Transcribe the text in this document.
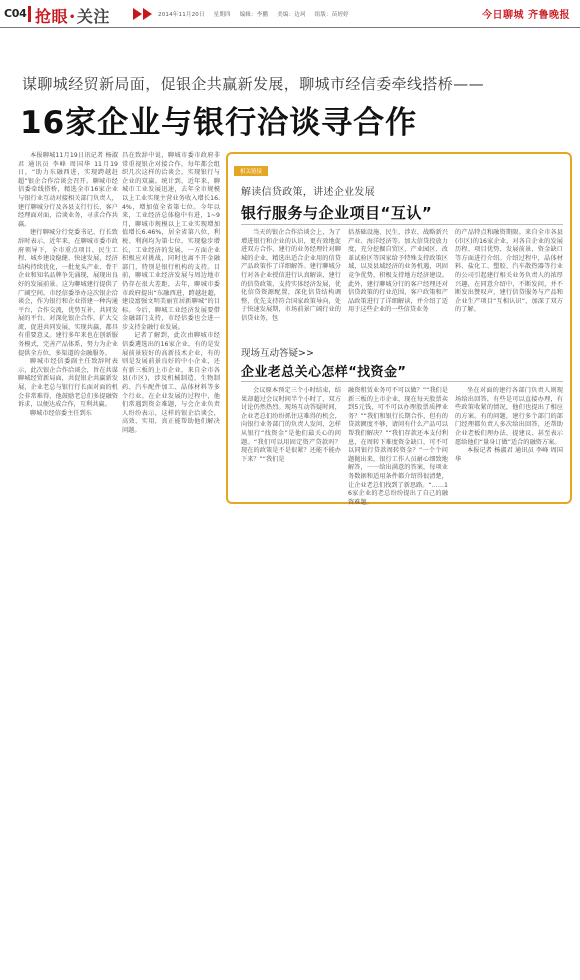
C04 抢眼•关注	2014年11月20日 星期四 编辑：李鹏 美编：边珂 组版：苗婷婷	今日聊城 齐鲁晚报
谋聊城经贸新局面，促银企共赢新发展，聊城市经信委牵线搭桥——
16家企业与银行洽谈寻合作

本报聊城11月19日讯记者 杨淑君 通讯员 李峰 周国华 11月19日，“助力东融西进，实现跨越赶超”银企合作洽谈会召开。聊城市经信委牵线搭桥，精选全市16家企业与银行业互动对接相关部门负责人，建行聊城分行及各县支行行长、客户经理面对面，洽谈业务，寻求合作共赢。

建行聊城分行党委书记、行长致辞时表示，近年来，在聊城市委市政府领导下，全市重点项目、民生工程、城乡建设稳健、快速发展，经济结构持续优化，一批龙头产业、骨干企业和知名品牌争先涌现，展现出良好的发展前景。这为聊城建行提供了广阔空间。市经信委举办这次银企洽谈会，作为银行和企业搭建一种沟通平台，合作交流，优势互补，共同发展的平台，对深化银企合作，扩大交流，促进共同发展，实现共赢，都具有重要意义。建行多年来也在创新服务模式，完善产品体系，努力为企业提供全方位，多渠道的金融服务。

聊城市经信委副主任致辞时表示，此次银企合作洽谈会，旨在共谋聊城经贸新局面，共促银企共赢新发展，企业老总与银行行长面对面的机会非常难得，他鼓励老总们多提融资诉求，以便达成合作，互利共赢。

聊城市经信委主任到东

昌在致辞中说，聊城市委市政府非常重视银企对接合作，每年都会组织几次这样的洽谈会，实现银行与企业的双赢。统计到，近年来，聊城市工业发展迅速，去年全市规模以上工业实现主营业务收入增长16.4%，增加值全省第七位。今年以来，工业经济总体稳中有进，1~9月，聊城市规模以上工业实现增加值增长6.46%，居全省第八位，利税、利润均为第七位，实现稳步增长，工业经济的发展，一方面企业积极应对挑战，同时也离不开金融部门，特别是银行机构的支持。目前，聊城工业经济发展与周边地市仍存在很大差距，去年，聊城市委市政府提出“东融西进，跨越赶超，建设富强文明美丽宜居新聊城”的目标。今后，聊城工业经济发展要借金融部门支持，市经信委也会进一步支持金融行业发展。

记者了解到，此次由聊城市经信委遴选出的16家企业，有的是发展前景较好的高新技术企业，有的则是发展前景良好的中小企业，还有新三板的上市企业，来自全市各县(市区)，涉及机械制造、生物制药、汽车配件加工、晶体材料等多个行业。在企业发展的过程中，他们常遇到资金难题，与会企业负责人纷纷表示，这样的银企洽谈会，高效、实用，真正能帮助他们解决问题。

相关链接
解读信贷政策，讲述企业发展
银行服务与企业项目“互认”

当天的银企合作洽谈会上，为了增进银行和企业的认识，更有效地促进双方合作，建行的业务经理针对聊城的企业，精选出适合企业用的信贷产品政策作了详细解答。建行聊城分行对各企业授信进行认真解读，建行的信贷政策，支持实体经济发展，优化信贷资源配置，深化信贷结构调整，优先支持符合国家政策导向，处于快速发展期，市场前景广阔行业的信贷业务，包

括基础设施、民生、涉农、战略新兴产业、海洋经济等。加大信贷投放力度，充分挖掘自贸区、产业园区、改革试验区等国家给予特殊支持政策区域，以及县域经济的业务机遇，巩固竞争优势，积极支持地方经济建设。此外，建行聊城分行的客户经理还对信贷政策的行业范围、客户政策和产品政策进行了详细解读，并介绍了适用于这些企业的一些信贷业务

的产品特点和融资期限。来自全市各县(市区)的16家企业，对各自企业的发展历程、项目优势、发展前景、资金缺口等方面进行介绍。介绍过程中，晶体材料、盐化工、塑胶、汽车散热器等行业的公司引起建行相关业务负责人的浓厚兴趣，在同意介绍中，不断发问，并不断发出赞叹声，建行信贷服务与产品和企业生产项目“互相认识”，加深了双方的了解。

现场互动答疑>>
企业老总关心怎样“找资金”

会议原本预定三个小时结束，结果却超过会议时间半个小时了，双方讨论仍然热烈。现场互动答疑时间，企业老总们纷纷抓住这难得的机会，向银行业务部门的负责人发问，怎样从银行“找资金”是他们最关心的问题。“我们可以用固定资产贷款吗？现在的政策是不是很紧？还能不能办下来？”“我们是

融资租赁业务可不可以做？”“我们是新三板的上市企业，现在每天股票卖到5元钱，可不可以办理股票质押业务？”“我们和银行长期合作，但有的贷款额度不够，请问有什么产品可以帮我们解决？”“我们存款还本支付利息，在周转下难度资金缺口，可不可以同银行贷款周转资金？”一个个问题抛出来，银行工作人员耐心细致地解答，一一给出满意的答案，每项业务数据和适用条件都介绍得很清楚，让企业老总们找到了新思路。“……16家企业的老总纷纷提出了自己的融资难题。

坐在对面的建行各部门负责人则现场给出回答，有些是可以直接办理，有些政策收紧的情况，他们也提出了相应的方案。有的问题，建行多个部门的部门经理都负责人多次给出回答，还帮助企业老板们理办法、提建议、甚至表示愿给他们“量身订做”适合的融资方案。

本报记者 杨淑君 通讯员 李峰 周国华
